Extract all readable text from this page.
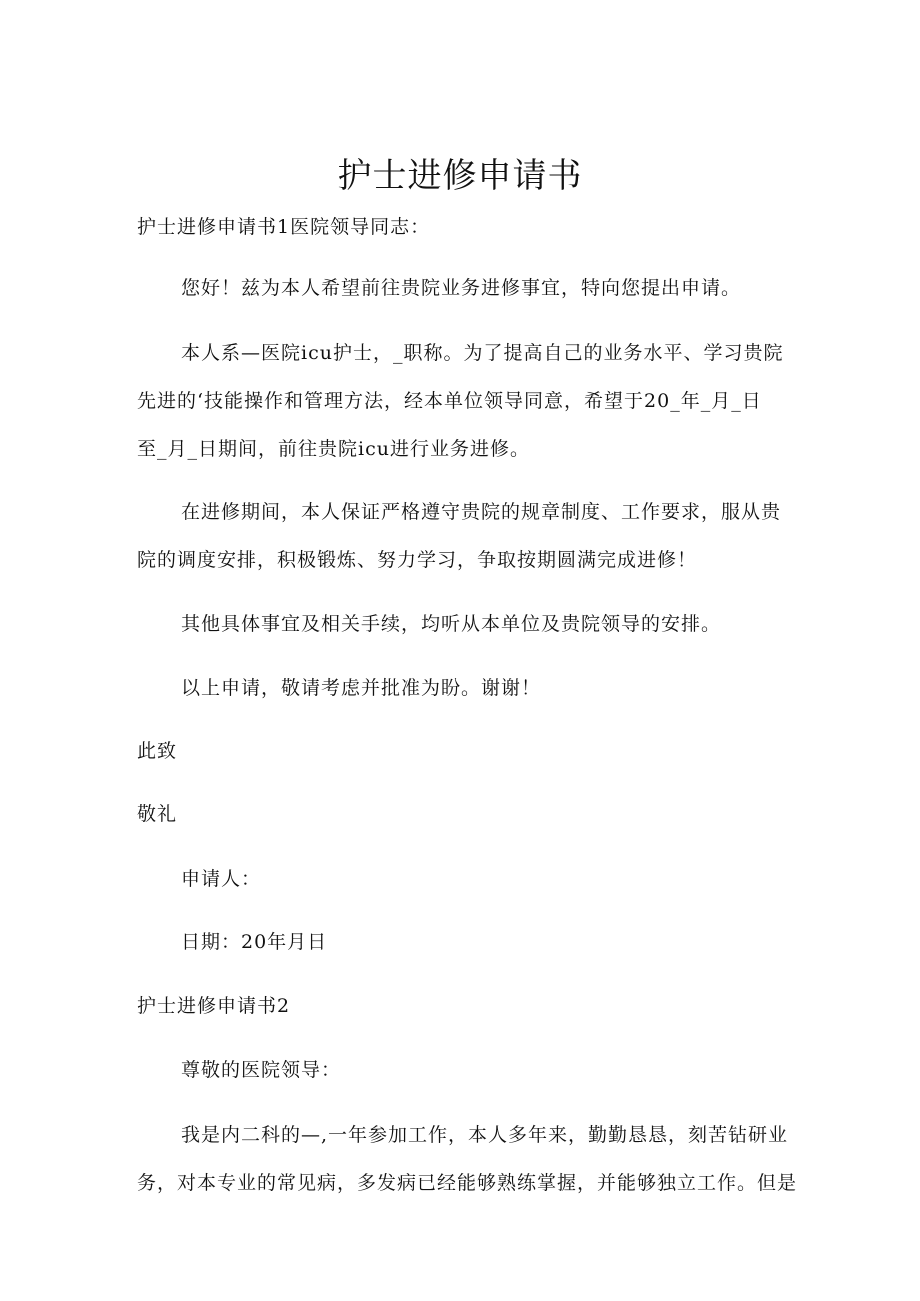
护士进修申请书
护士进修申请书1医院领导同志：
您好！兹为本人希望前往贵院业务进修事宜，特向您提出申请。
本人系—医院icu护士，_职称。为了提高自己的业务水平、学习贵院
先进的‘技能操作和管理方法，经本单位领导同意，希望于20_年_月_日
至_月_日期间，前往贵院icu进行业务进修。
在进修期间，本人保证严格遵守贵院的规章制度、工作要求，服从贵
院的调度安排，积极锻炼、努力学习，争取按期圆满完成进修！
其他具体事宜及相关手续，均听从本单位及贵院领导的安排。
以上申请，敬请考虑并批准为盼。谢谢！
此致
敬礼
申请人：
日期：20年月日
护士进修申请书2
尊敬的医院领导：
我是内二科的—,一年参加工作，本人多年来，勤勤恳恳，刻苦钻研业
务，对本专业的常见病，多发病已经能够熟练掌握，并能够独立工作。但是
